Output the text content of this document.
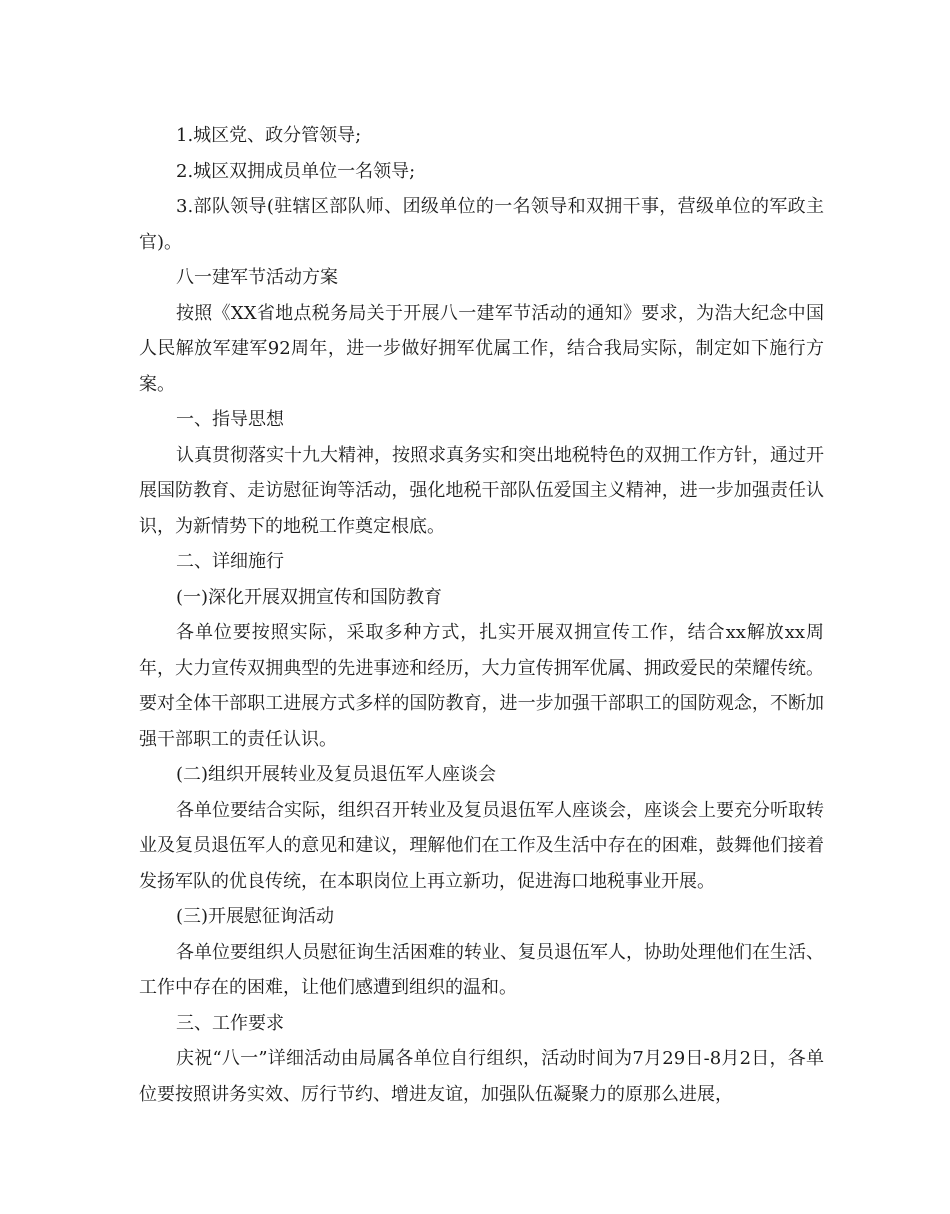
1.城区党、政分管领导;

2.城区双拥成员单位一名领导;

3.部队领导(驻辖区部队师、团级单位的一名领导和双拥干事，营级单位的军政主官)。

八一建军节活动方案

按照《XX省地点税务局关于开展八一建军节活动的通知》要求，为浩大纪念中国人民解放军建军92周年，进一步做好拥军优属工作，结合我局实际，制定如下施行方案。

一、指导思想

认真贯彻落实十九大精神，按照求真务实和突出地税特色的双拥工作方针，通过开展国防教育、走访慰征询等活动，强化地税干部队伍爱国主义精神，进一步加强责任认识，为新情势下的地税工作奠定根底。

二、详细施行

(一)深化开展双拥宣传和国防教育

各单位要按照实际，采取多种方式，扎实开展双拥宣传工作，结合xx解放xx周年，大力宣传双拥典型的先进事迹和经历，大力宣传拥军优属、拥政爱民的荣耀传统。要对全体干部职工进展方式多样的国防教育，进一步加强干部职工的国防观念，不断加强干部职工的责任认识。

(二)组织开展转业及复员退伍军人座谈会

各单位要结合实际，组织召开转业及复员退伍军人座谈会，座谈会上要充分听取转业及复员退伍军人的意见和建议，理解他们在工作及生活中存在的困难，鼓舞他们接着发扬军队的优良传统，在本职岗位上再立新功，促进海口地税事业开展。

(三)开展慰征询活动

各单位要组织人员慰征询生活困难的转业、复员退伍军人，协助处理他们在生活、工作中存在的困难，让他们感遭到组织的温和。

三、工作要求

庆祝“八一”详细活动由局属各单位自行组织，活动时间为7月29日-8月2日，各单位要按照讲务实效、厉行节约、增进友谊，加强队伍凝聚力的原那么进展，
